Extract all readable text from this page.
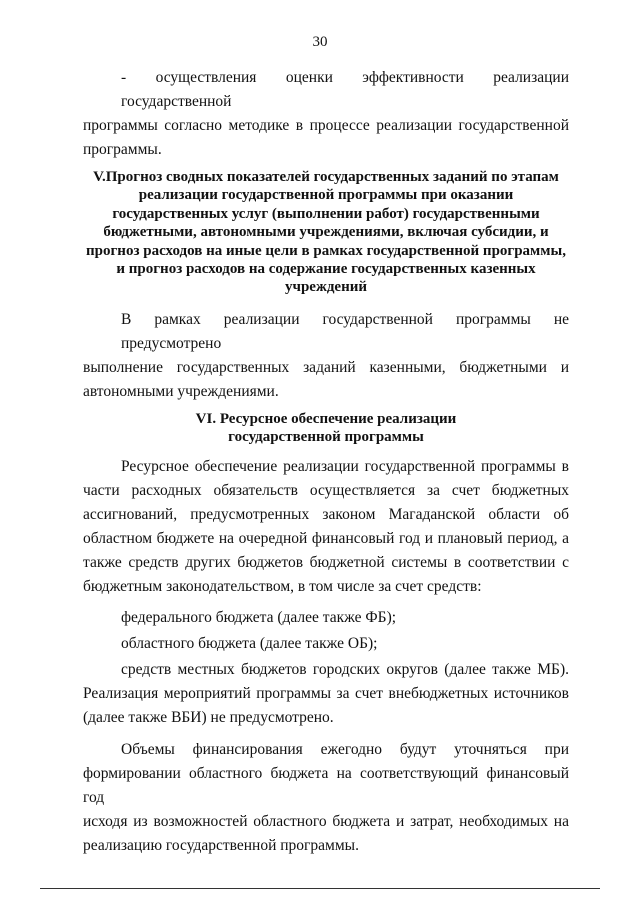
30
- осуществления оценки эффективности реализации государственной
программы согласно методике в процессе реализации государственной
программы.
V.Прогноз сводных показателей государственных заданий по этапам
реализации государственной программы при оказании
государственных услуг (выполнении работ) государственными
бюджетными, автономными учреждениями, включая субсидии, и
прогноз расходов на иные цели в рамках государственной программы,
и прогноз расходов на содержание государственных казенных
учреждений
В рамках реализации государственной программы не предусмотрено
выполнение государственных заданий казенными, бюджетными и
автономными учреждениями.
VI. Ресурсное обеспечение реализации
государственной программы
Ресурсное обеспечение реализации государственной программы в
части расходных обязательств осуществляется за счет бюджетных
ассигнований, предусмотренных законом Магаданской области об
областном бюджете на очередной финансовый год и плановый период, а
также средств других бюджетов бюджетной системы в соответствии с
бюджетным законодательством, в том числе за счет средств:
федерального бюджета (далее также ФБ);
областного бюджета (далее также ОБ);
средств местных бюджетов городских округов (далее также МБ).
Реализация мероприятий программы за счет внебюджетных источников
(далее также ВБИ) не предусмотрено.
Объемы финансирования ежегодно будут уточняться при
формировании областного бюджета на соответствующий финансовый год
исходя из возможностей областного бюджета и затрат, необходимых на
реализацию государственной программы.
